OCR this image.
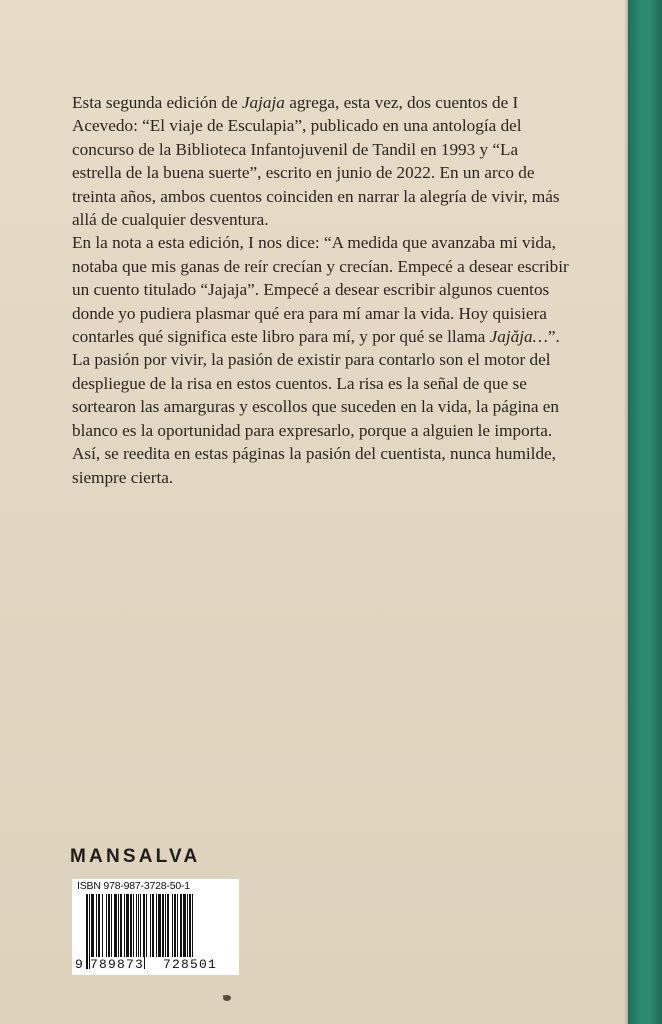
Esta segunda edición de Jajaja agrega, esta vez, dos cuentos de I Acevedo: “El viaje de Esculapia”, publicado en una antología del concurso de la Biblioteca Infantojuvenil de Tandil en 1993 y “La estrella de la buena suerte”, escrito en junio de 2022. En un arco de treinta años, ambos cuentos coinciden en narrar la alegría de vivir, más allá de cualquier desventura.

En la nota a esta edición, I nos dice: “A medida que avanzaba mi vida, notaba que mis ganas de reír crecían y crecían. Empecé a desear escribir un cuento titulado “Jajaja”. Empecé a desear escribir algunos cuentos donde yo pudiera plasmar qué era para mí amar la vida. Hoy quisiera contarles qué significa este libro para mí, y por qué se llama Jajǎja…”.

La pasión por vivir, la pasión de existir para contarlo son el motor del despliegue de la risa en estos cuentos. La risa es la señal de que se sortearon las amarguras y escollos que suceden en la vida, la página en blanco es la oportunidad para expresarlo, porque a alguien le importa. Así, se reedita en estas páginas la pasión del cuentista, nunca humilde, siempre cierta.

MANSALVA
ISBN 978-987-3728-50-1
9 789873 728501
